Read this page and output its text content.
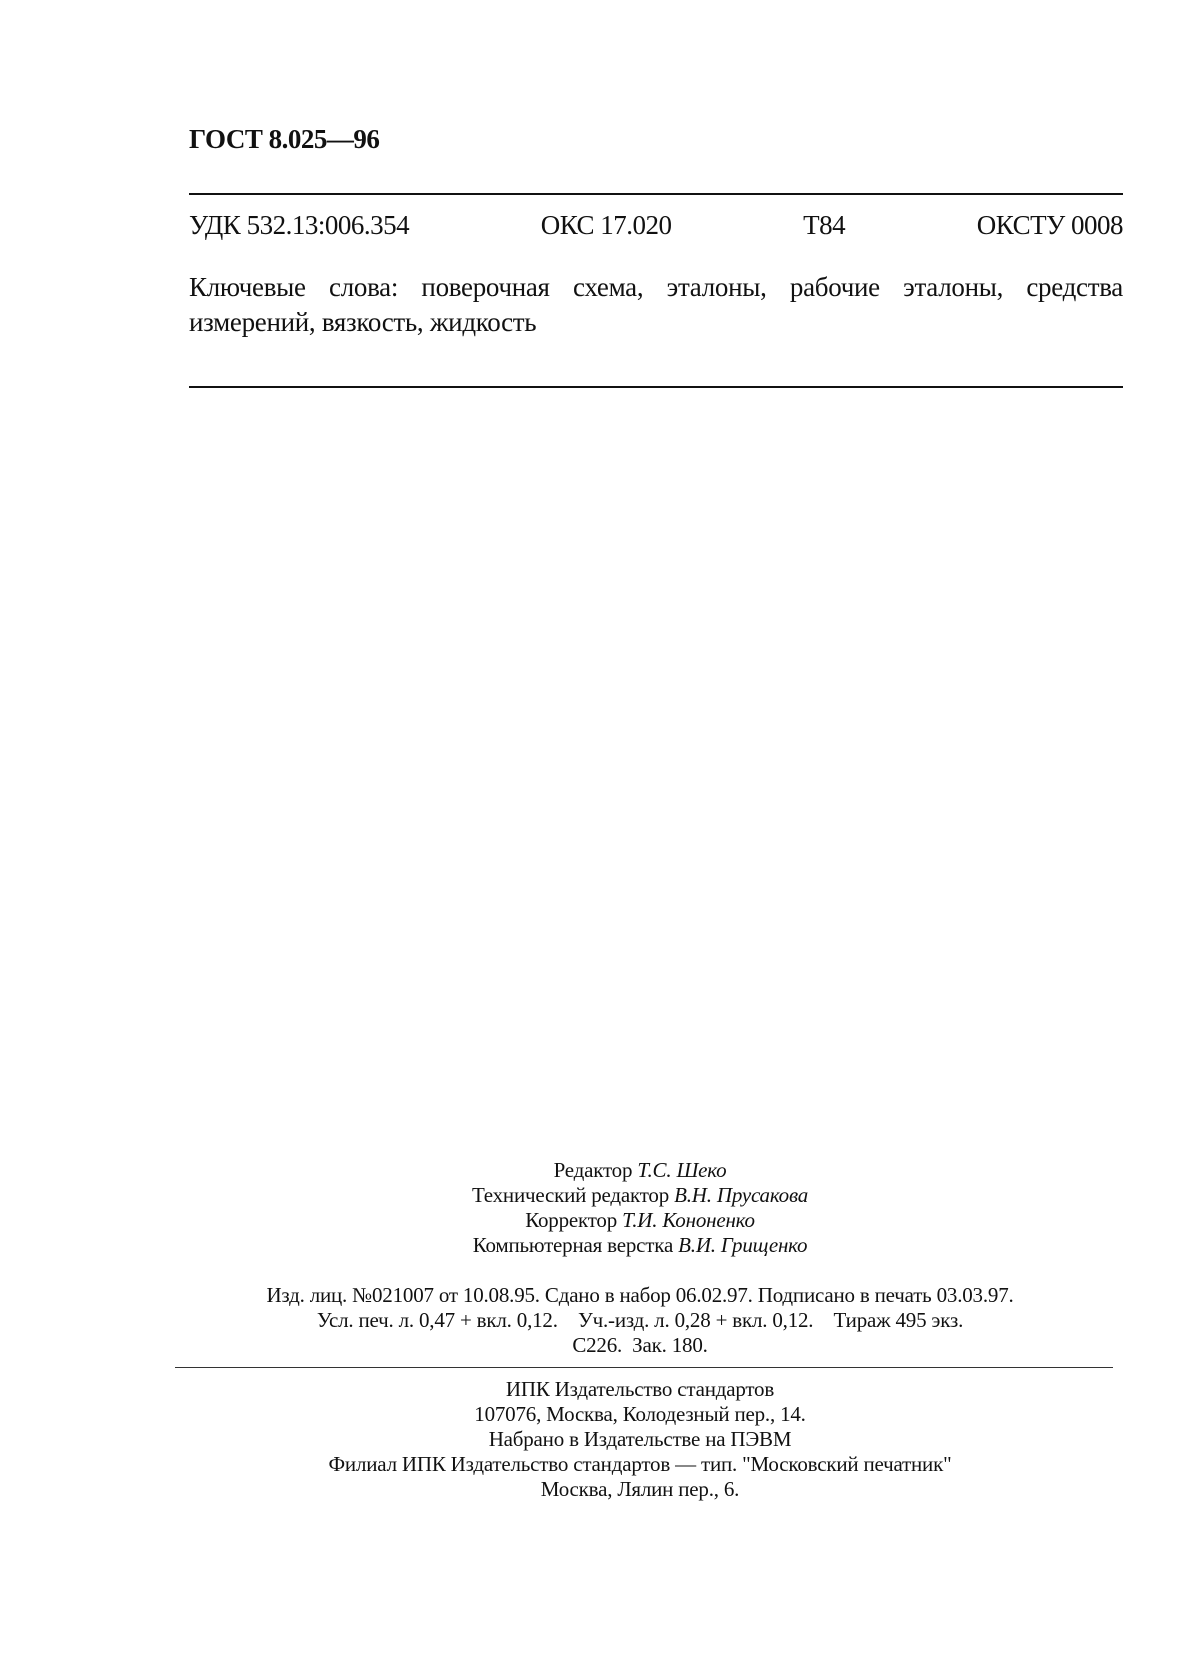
ГОСТ 8.025—96
УДК 532.13:006.354	ОКС 17.020	Т84	ОКСТУ 0008
Ключевые слова: поверочная схема, эталоны, рабочие эталоны, средства измерений, вязкость, жидкость
Редактор Т.С. Шеко
Технический редактор В.Н. Прусакова
Корректор Т.И. Кононенко
Компьютерная верстка В.И. Грищенко
Изд. лиц. №021007 от 10.08.95. Сдано в набор 06.02.97. Подписано в печать 03.03.97.
Усл. печ. л. 0,47 + вкл. 0,12.    Уч.-изд. л. 0,28 + вкл. 0,12.    Тираж 495 экз.
С226.  Зак. 180.
ИПК Издательство стандартов
107076, Москва, Колодезный пер., 14.
Набрано в Издательстве на ПЭВМ
Филиал ИПК Издательство стандартов — тип. "Московский печатник"
Москва, Лялин пер., 6.
